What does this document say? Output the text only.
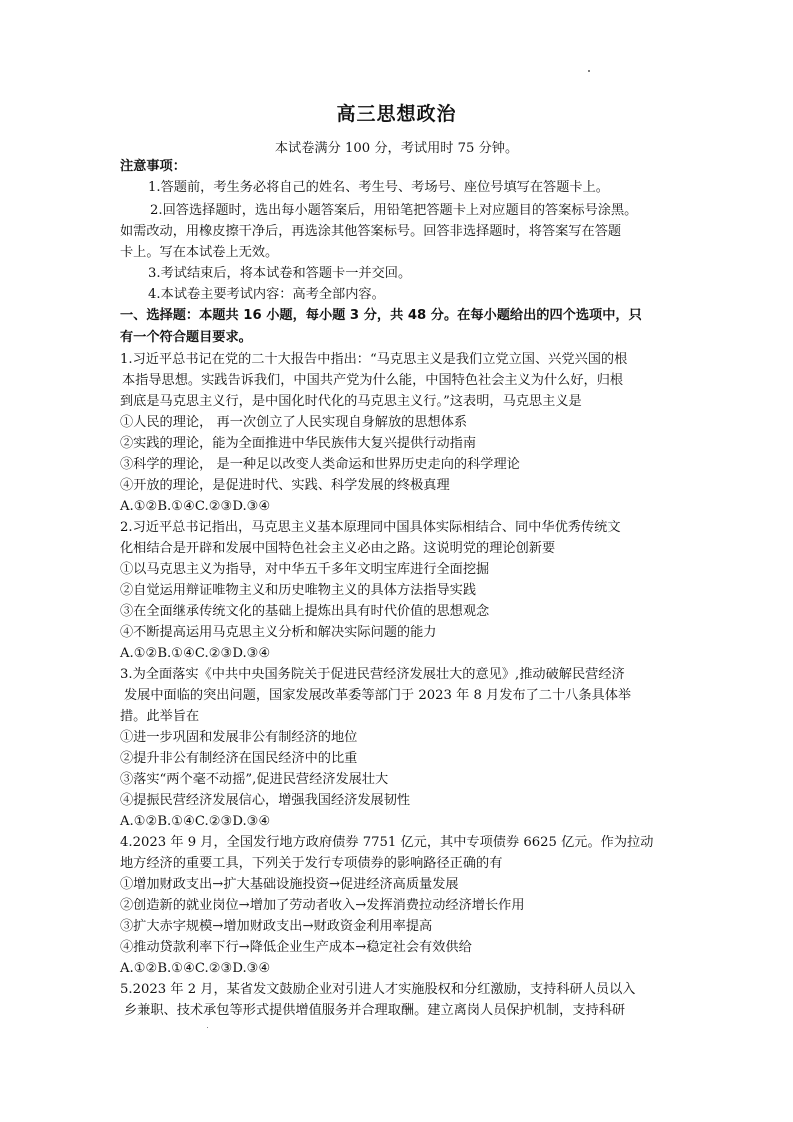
高三思想政治
本试卷满分 100 分，考试用时 75 分钟。
注意事项：
1.答题前，考生务必将自己的姓名、考生号、考场号、座位号填写在答题卡上。
2.回答选择题时，选出每小题答案后，用铅笔把答题卡上对应题目的答案标号涂黑。
如需改动，用橡皮擦干净后，再选涂其他答案标号。回答非选择题时，将答案写在答题
卡上。写在本试卷上无效。
3.考试结束后，将本试卷和答题卡一并交回。
4.本试卷主要考试内容：高考全部内容。
一、选择题：本题共 16 小题，每小题 3 分，共 48 分。在每小题给出的四个选项中，只
有一个符合题目要求。
1.习近平总书记在党的二十大报告中指出：“马克思主义是我们立党立国、兴党兴国的根
本指导思想。实践告诉我们，中国共产党为什么能，中国特色社会主义为什么好，归根
到底是马克思主义行，是中国化时代化的马克思主义行。”这表明，马克思主义是
①人民的理论， 再一次创立了人民实现自身解放的思想体系
②实践的理论，能为全面推进中华民族伟大复兴提供行动指南
③科学的理论， 是一种足以改变人类命运和世界历史走向的科学理论
④开放的理论，是促进时代、实践、科学发展的终极真理
A.①②B.①④C.②③D.③④
2.习近平总书记指出，马克思主义基本原理同中国具体实际相结合、同中华优秀传统文
化相结合是开辟和发展中国特色社会主义必由之路。这说明党的理论创新要
①以马克思主义为指导，对中华五千多年文明宝库进行全面挖掘
②自觉运用辩证唯物主义和历史唯物主义的具体方法指导实践
③在全面继承传统文化的基础上提炼出具有时代价值的思想观念
④不断提高运用马克思主义分析和解决实际问题的能力
A.①②B.①④C.②③D.③④
3.为全面落实《中共中央国务院关于促进民营经济发展壮大的意见》,推动破解民营经济
发展中面临的突出问题，国家发展改革委等部门于 2023 年 8 月发布了二十八条具体举
措。此举旨在
①进一步巩固和发展非公有制经济的地位
②提升非公有制经济在国民经济中的比重
③落实“两个毫不动摇”,促进民营经济发展壮大
④提振民营经济发展信心，增强我国经济发展韧性
A.①②B.①④C.②③D.③④
4.2023 年 9 月，全国发行地方政府债券 7751 亿元，其中专项债券 6625 亿元。作为拉动
地方经济的重要工具，下列关于发行专项债券的影响路径正确的有
①增加财政支出→扩大基础设施投资→促进经济高质量发展
②创造新的就业岗位→增加了劳动者收入→发挥消费拉动经济增长作用
③扩大赤字规模→增加财政支出→财政资金利用率提高
④推动贷款利率下行→降低企业生产成本→稳定社会有效供给
A.①②B.①④C.②③D.③④
5.2023 年 2 月，某省发文鼓励企业对引进人才实施股权和分红激励，支持科研人员以入
乡兼职、技术承包等形式提供增值服务并合理取酬。建立离岗人员保护机制，支持科研
